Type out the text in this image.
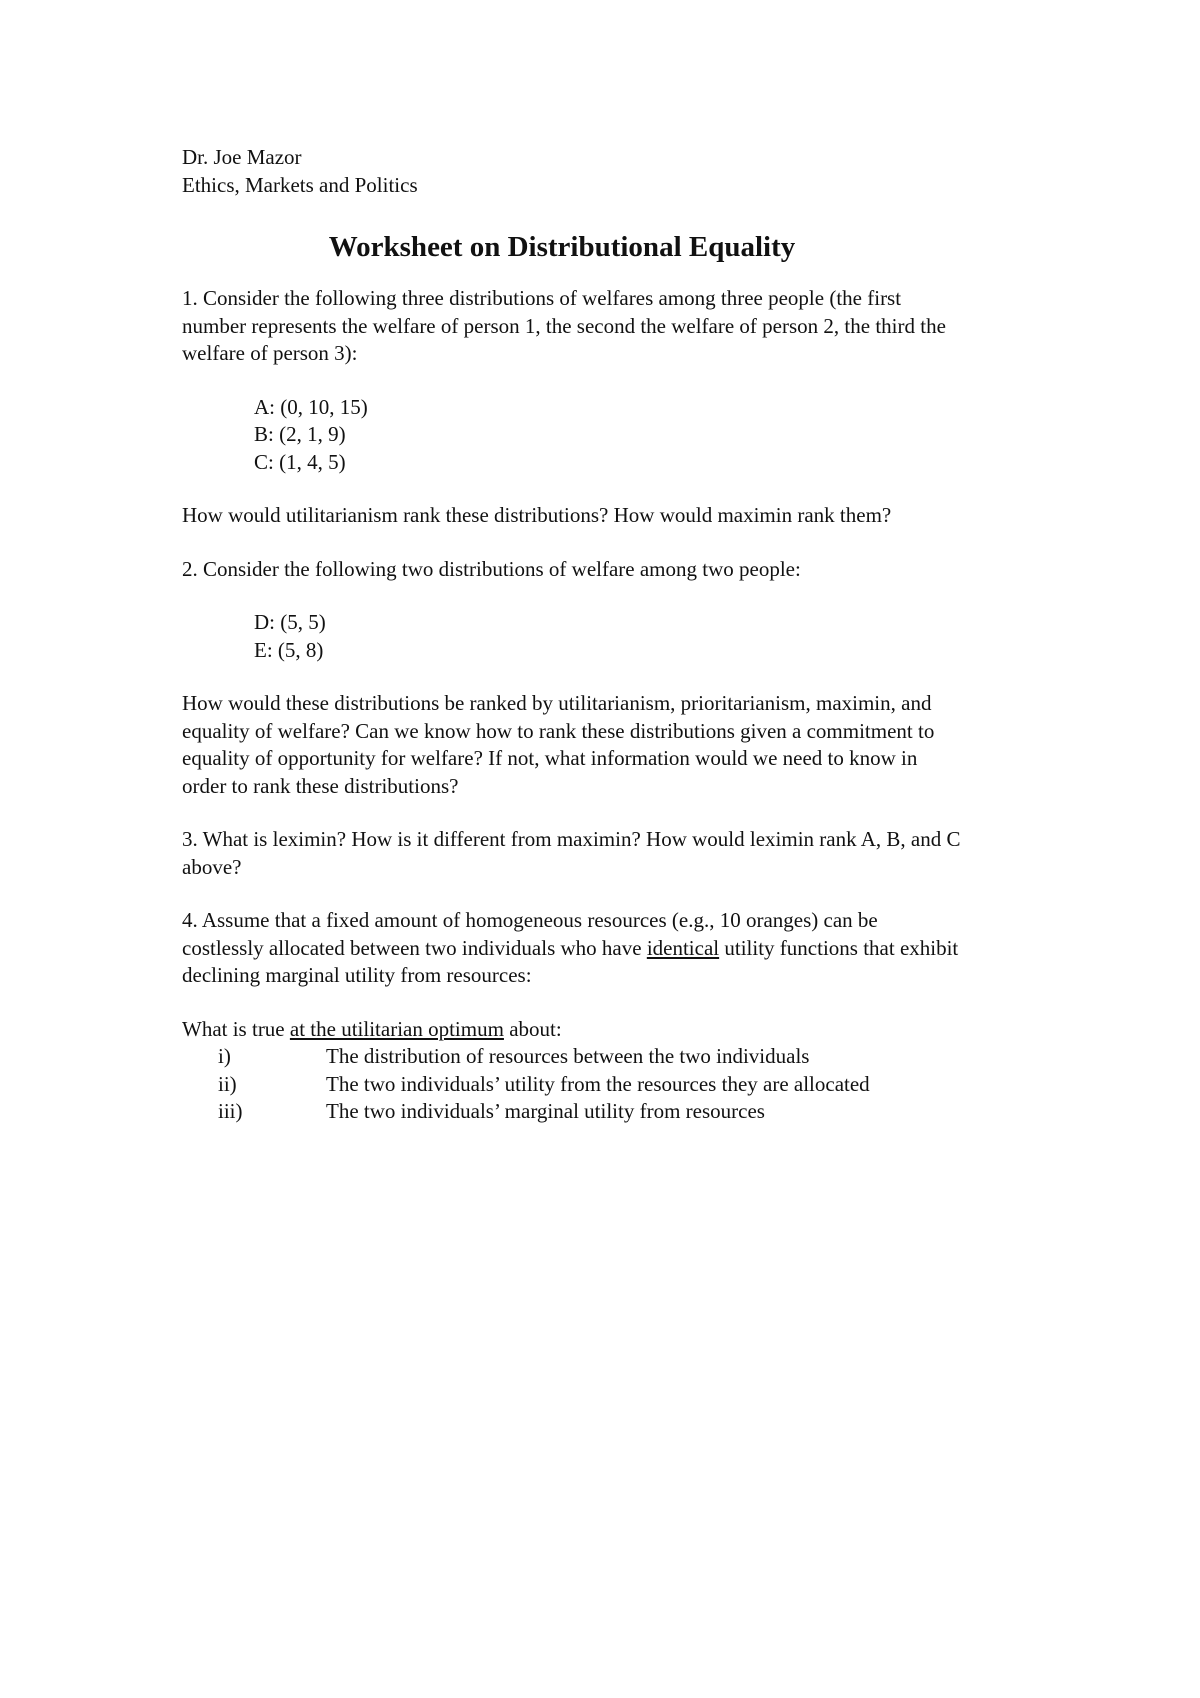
Dr. Joe Mazor
Ethics, Markets and Politics
Worksheet on Distributional Equality
1. Consider the following three distributions of welfares among three people (the first number represents the welfare of person 1, the second the welfare of person 2, the third the welfare of person 3):
A: (0, 10, 15)
B: (2, 1, 9)
C: (1, 4, 5)
How would utilitarianism rank these distributions? How would maximin rank them?
2. Consider the following two distributions of welfare among two people:
D: (5, 5)
E: (5, 8)
How would these distributions be ranked by utilitarianism, prioritarianism, maximin, and equality of welfare? Can we know how to rank these distributions given a commitment to equality of opportunity for welfare? If not, what information would we need to know in order to rank these distributions?
3. What is leximin? How is it different from maximin? How would leximin rank A, B, and C above?
4. Assume that a fixed amount of homogeneous resources (e.g., 10 oranges) can be costlessly allocated between two individuals who have identical utility functions that exhibit declining marginal utility from resources:
What is true at the utilitarian optimum about:
i)	The distribution of resources between the two individuals
ii)	The two individuals’ utility from the resources they are allocated
iii)	The two individuals’ marginal utility from resources
